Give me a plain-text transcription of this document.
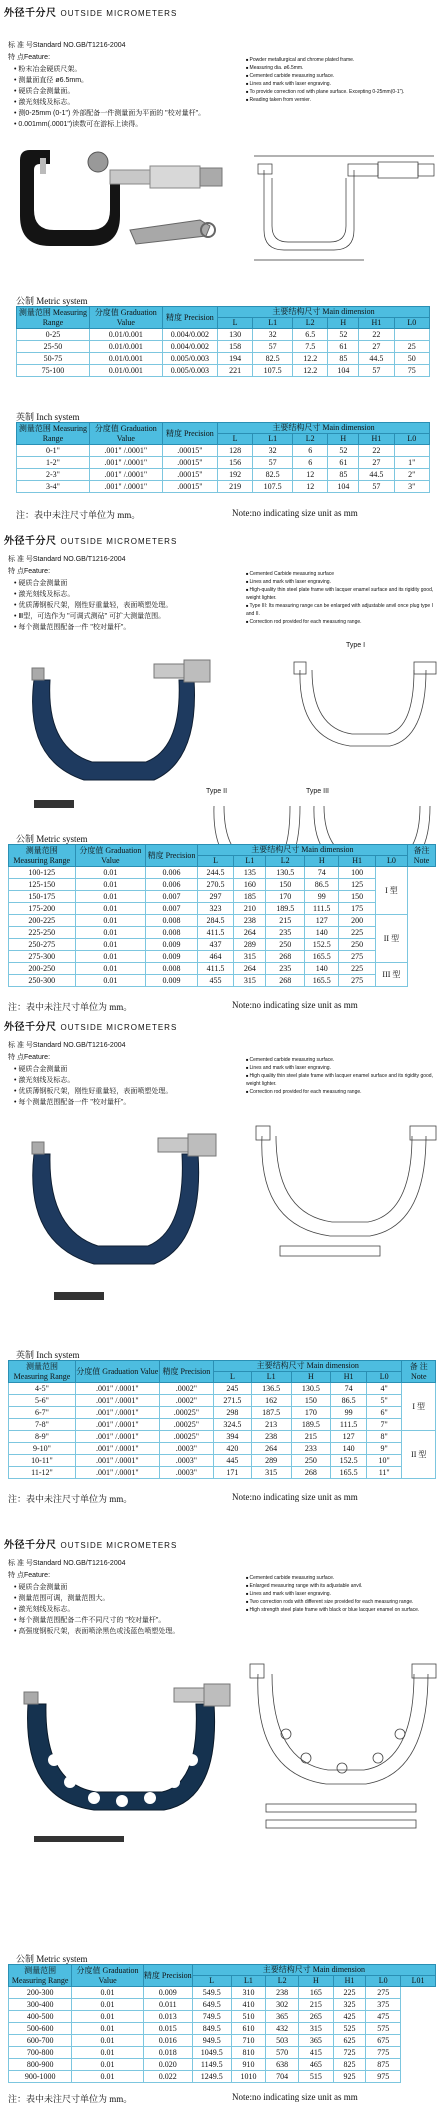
外径千分尺 OUTSIDE MICROMETERS
标 准 号Standard NO.GB/T1216-2004
特 点Feature:
• 粉末冶金硬质尺架。
• 测量面直径 ø6.5mm。
• 硬质合金测量面。
• 激光刻线及标志。
• 测0-25mm (0-1") 外部配备一件测量面为平面的 "校对量杆"。
• 0.001mm(.0001")读数可在游标上读得。
■ Powder metallurgical and chrome plated frame.
■ Measuring dia. ø6.5mm.
■ Cemented carbide measuring surface.
■ Lines and mark with laser engraving.
■ To provide correction rod with plane surface. Excepting 0-25mm(0-1").
■ Reading taken from vernier.
公制 Metric system
测量范围 Measuring Range	分度值 Graduation Value	精度 Precision	主要结构尺寸 Main dimension					
			L	L1	L2	H	H1	L0
0-25	0.01/0.001	0.004/0.002	130	32	6.5	52	22	
25-50	0.01/0.001	0.004/0.002	158	57	7.5	61	27	25
50-75	0.01/0.001	0.005/0.003	194	82.5	12.2	85	44.5	50
75-100	0.01/0.001	0.005/0.003	221	107.5	12.2	104	57	75
英制 Inch system
测量范围 Measuring Range	分度值 Graduation Value	精度 Precision	主要结构尺寸 Main dimension					
			L	L1	L2	H	H1	L0
0-1"	.001" /.0001"	.00015"	128	32	6	52	22	
1-2"	.001" /.0001"	.00015"	156	57	6	61	27	1"
2-3"	.001" /.0001"	.00015"	192	82.5	12	85	44.5	2"
3-4"	.001" /.0001"	.00015"	219	107.5	12	104	57	3"
注：表中未注尺寸单位为 mm。	Note:no indicating size unit as mm
外径千分尺 OUTSIDE MICROMETERS
标 准 号Standard NO.GB/T1216-2004
特 点Feature:
• 硬质合金测量面
• 激光刻线及标志。
• 优质薄钢板尺架，刚性好重量轻，表面喷塑处理。
• Ⅲ型，可选作为 "可调式测砧" 可扩大测量范围。
• 每个测量范围配备一件 "校对量杆"。
■ Cemented Carbide measuring surface
■ Lines and mark with laser engraving.
■ High-quality thin steel plate frame with lacquer enamel surface and its rigidity good, weight lighter.
■ Type III: Its measuring range can be enlarged with adjustable anvil once plug type I and II.
■ Correction rod provided for each measuring range.
Type II	Type III
Type I
公制 Metric system
测量范围 Measuring Range	分度值 Graduation Value	精度 Precision	主要结构尺寸 Main dimension						备注 Note
			L	L1	L2	H	H1	L0	
100-125	0.01	0.006	244.5	135	130.5	74	100	I 型	
125-150	0.01	0.006	270.5	160	150	86.5	125		
150-175	0.01	0.007	297	185	170	99	150		
175-200	0.01	0.007	323	210	189.5	111.5	175		
200-225	0.01	0.008	284.5	238	215	127	200	II 型	
225-250	0.01	0.008	411.5	264	235	140	225		
250-275	0.01	0.009	437	289	250	152.5	250		
275-300	0.01	0.009	464	315	268	165.5	275		
200-250	0.01	0.008	411.5	264	235	140	225	III 型	
250-300	0.01	0.009	455	315	268	165.5	275		
注：表中未注尺寸单位为 mm。	Note:no indicating size unit as mm
外径千分尺 OUTSIDE MICROMETERS
标 准 号Standard NO.GB/T1216-2004
特 点Feature:
• 硬质合金测量面
• 激光刻线及标志。
• 优质薄钢板尺架，刚性好重量轻，表面喷塑处理。
• 每个测量范围配备一件 "校对量杆"。
■ Cemented carbide measuring surface.
■ Lines and mark with laser engraving.
■ High quality thin steel plate frame with lacquer enamel surface and its rigidity good, weight lighter.
■ Correction rod provided for each measuring range.
英制 Inch system
测量范围 Measuring Range	分度值 Graduation Value	精度 Precision	主要结构尺寸 Main dimension					备 注 Note
			L	L1	H	H1	L0	
4-5"	.001" /.0001"	.0002"	245	136.5	130.5	74	4"	I 型
5-6"	.001" /.0001"	.0002"	271.5	162	150	86.5	5"	
6-7"	.001" /.0001"	.00025"	298	187.5	170	99	6"	
7-8"	.001" /.0001"	.00025"	324.5	213	189.5	111.5	7"	
8-9"	.001" /.0001"	.00025"	394	238	215	127	8"	II 型
9-10"	.001" /.0001"	.0003"	420	264	233	140	9"	
10-11"	.001" /.0001"	.0003"	445	289	250	152.5	10"	
11-12"	.001" /.0001"	.0003"	171	315	268	165.5	11"	
注：表中未注尺寸单位为 mm。	Note:no indicating size unit as mm
外径千分尺 OUTSIDE MICROMETERS
标 准 号Standard NO.GB/T1216-2004
特 点Feature:
• 硬质合金测量面
• 测量范围可调，测量范围大。
• 激光刻线及标志。
• 每个测量范围配备二件不同尺寸的 "校对量杆"。
• 高强度钢板尺架，表面喷涂黑色或浅蓝色喷塑处理。
■ Cemented carbide measuring surface.
■ Enlarged measuring range with its adjustable anvil.
■ Lines and mark with laser engraving.
■ Two correction rods with different size provided for each measuring range.
■ High strength steel plate frame with black or blue lacquer enamel on surface.
公制 Metric system
测量范围 Measuring Range	分度值 Graduation Value	精度 Precision	主要结构尺寸 Main dimension						
			L	L1	L2	H	H1	L0	L01
200-300	0.01	0.009	549.5	310	238	165	225	275	
300-400	0.01	0.011	649.5	410	302	215	325	375	
400-500	0.01	0.013	749.5	510	365	265	425	475	
500-600	0.01	0.015	849.5	610	432	315	525	575	
600-700	0.01	0.016	949.5	710	503	365	625	675	
700-800	0.01	0.018	1049.5	810	570	415	725	775	
800-900	0.01	0.020	1149.5	910	638	465	825	875	
900-1000	0.01	0.022	1249.5	1010	704	515	925	975	
注：表中未注尺寸单位为 mm。	Note:no indicating size unit as mm
